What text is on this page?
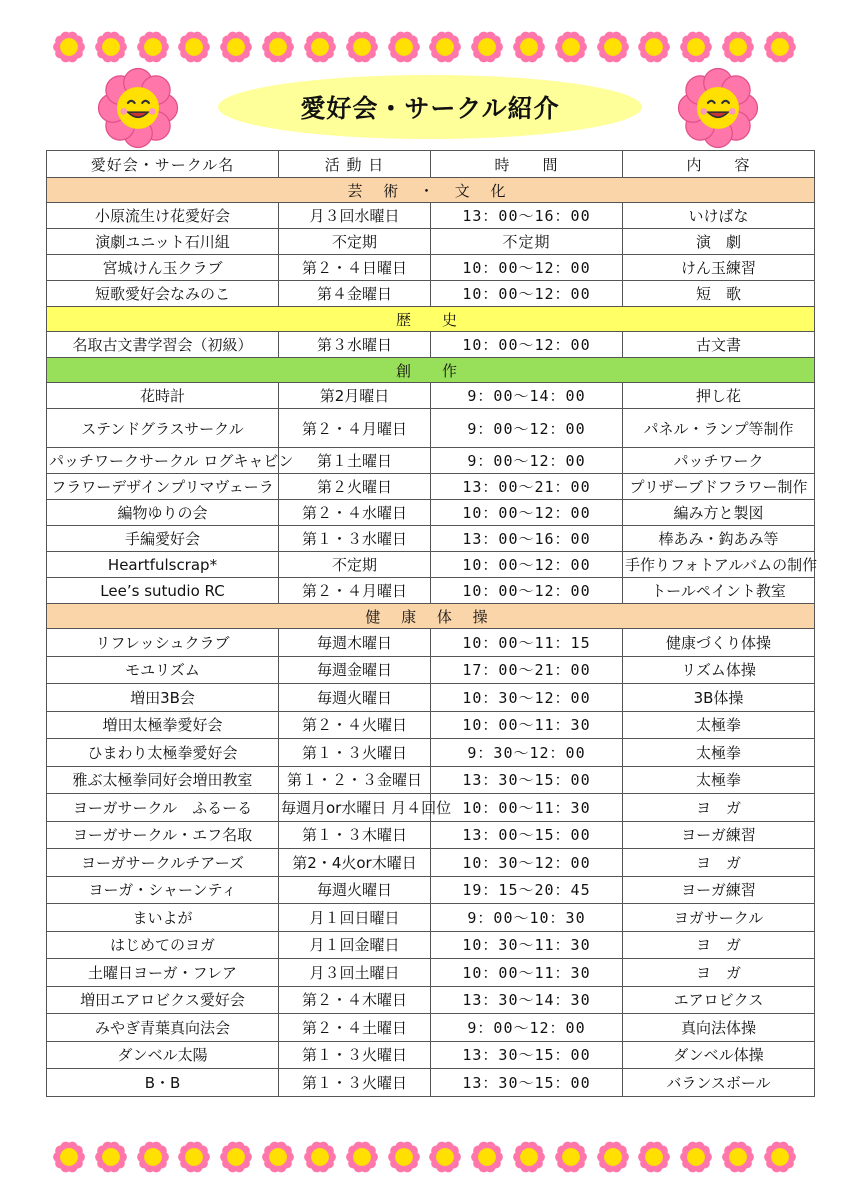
愛好会・サークル紹介
愛好会・サークル名	活 動 日	時　　間	内　　容
芸 術 ・ 文 化			
小原流生け花愛好会	月３回水曜日	13：00～16：00	いけばな
演劇ユニット石川組	不定期	不定期	演　劇
宮城けん玉クラブ	第２・４日曜日	10：00～12：00	けん玉練習
短歌愛好会なみのこ	第４金曜日	10：00～12：00	短　歌
歴　史			
名取古文書学習会（初級）	第３水曜日	10：00～12：00	古文書
創　作			
花時計	第2月曜日	9：00～14：00	押し花
ステンドグラスサークル	第２・４月曜日	9：00～12：00	パネル・ランプ等制作
パッチワークサークル ログキャビン	第１土曜日	9：00～12：00	パッチワーク
フラワーデザインプリマヴェーラ	第２火曜日	13：00～21：00	プリザーブドフラワー制作
編物ゆりの会	第２・４水曜日	10：00～12：00	編み方と製図
手編愛好会	第１・３水曜日	13：00～16：00	棒あみ・鈎あみ等
Heartfulscrap*	不定期	10：00～12：00	手作りフォトアルバムの制作
Lee’s sutudio RC	第２・４月曜日	10：00～12：00	トールペイント教室
健 康 体 操			
リフレッシュクラブ	毎週木曜日	10：00～11：15	健康づくり体操
モユリズム	毎週金曜日	17：00～21：00	リズム体操
増田3B会	毎週火曜日	10：30～12：00	3B体操
増田太極拳愛好会	第２・４火曜日	10：00～11：30	太極拳
ひまわり太極拳愛好会	第１・３火曜日	9：30～12：00	太極拳
雅ぶ太極拳同好会増田教室	第１・２・３金曜日	13：30～15：00	太極拳
ヨーガサークル　ふるーる	毎週月or水曜日 月４回位	10：00～11：30	ヨ　ガ
ヨーガサークル・エフ名取	第１・３木曜日	13：00～15：00	ヨーガ練習
ヨーガサークルチアーズ	第2・4火or木曜日	10：30～12：00	ヨ　ガ
ヨーガ・シャーンティ	毎週火曜日	19：15～20：45	ヨーガ練習
まいよが	月１回日曜日	9：00～10：30	ヨガサークル
はじめてのヨガ	月１回金曜日	10：30～11：30	ヨ　ガ
土曜日ヨーガ・フレア	月３回土曜日	10：00～11：30	ヨ　ガ
増田エアロビクス愛好会	第２・４木曜日	13：30～14：30	エアロビクス
みやぎ青葉真向法会	第２・４土曜日	9：00～12：00	真向法体操
ダンベル太陽	第１・３火曜日	13：30～15：00	ダンベル体操
B・B	第１・３火曜日	13：30～15：00	バランスボール
